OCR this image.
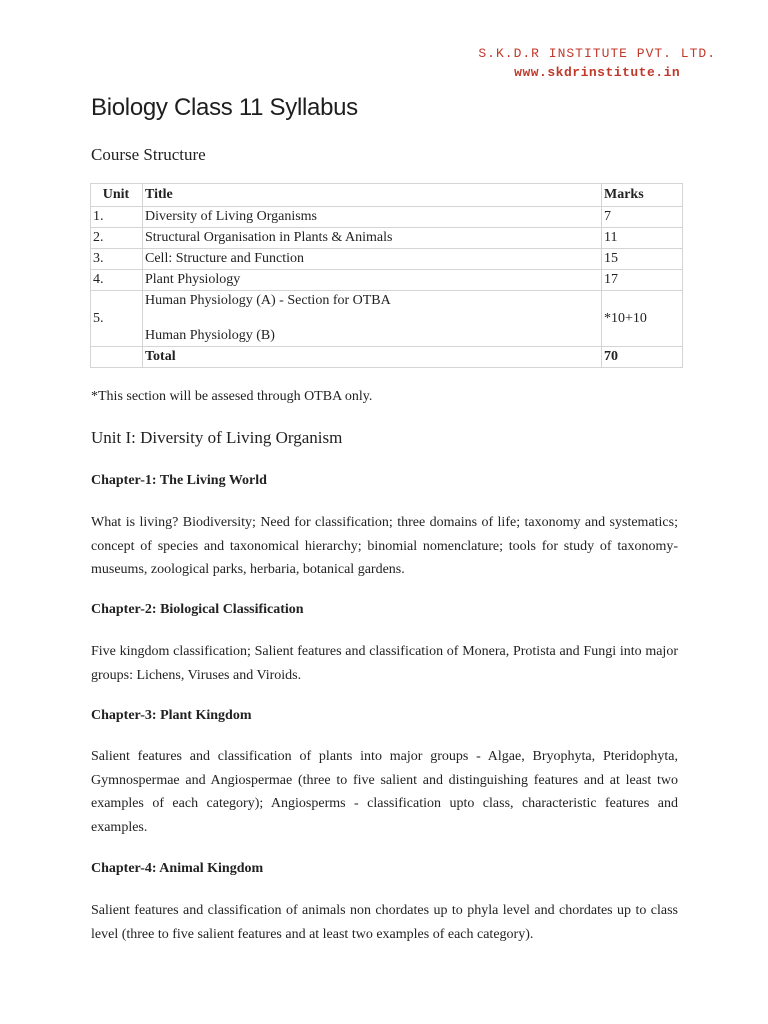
S.K.D.R INSTITUTE PVT. LTD.
www.skdrinstitute.in
Biology Class 11 Syllabus
Course Structure
Unit	Title	Marks
1.	Diversity of Living Organisms	7
2.	Structural Organisation in Plants & Animals	11
3.	Cell: Structure and Function	15
4.	Plant Physiology	17
5.	Human Physiology (A) - Section for OTBA
Human Physiology (B)	*10+10
	Total	70

*This section will be assesed through OTBA only.

Unit I: Diversity of Living Organism
Chapter-1: The Living World

What is living? Biodiversity; Need for classification; three domains of life; taxonomy and systematics; concept of species and taxonomical hierarchy; binomial nomenclature; tools for study of taxonomy-museums, zoological parks, herbaria, botanical gardens.

Chapter-2: Biological Classification

Five kingdom classification; Salient features and classification of Monera, Protista and Fungi into major groups: Lichens, Viruses and Viroids.

Chapter-3: Plant Kingdom

Salient features and classification of plants into major groups - Algae, Bryophyta, Pteridophyta, Gymnospermae and Angiospermae (three to five salient and distinguishing features and at least two examples of each category); Angiosperms - classification upto class, characteristic features and examples.

Chapter-4: Animal Kingdom

Salient features and classification of animals non chordates up to phyla level and chordates up to class level (three to five salient features and at least two examples of each category).
